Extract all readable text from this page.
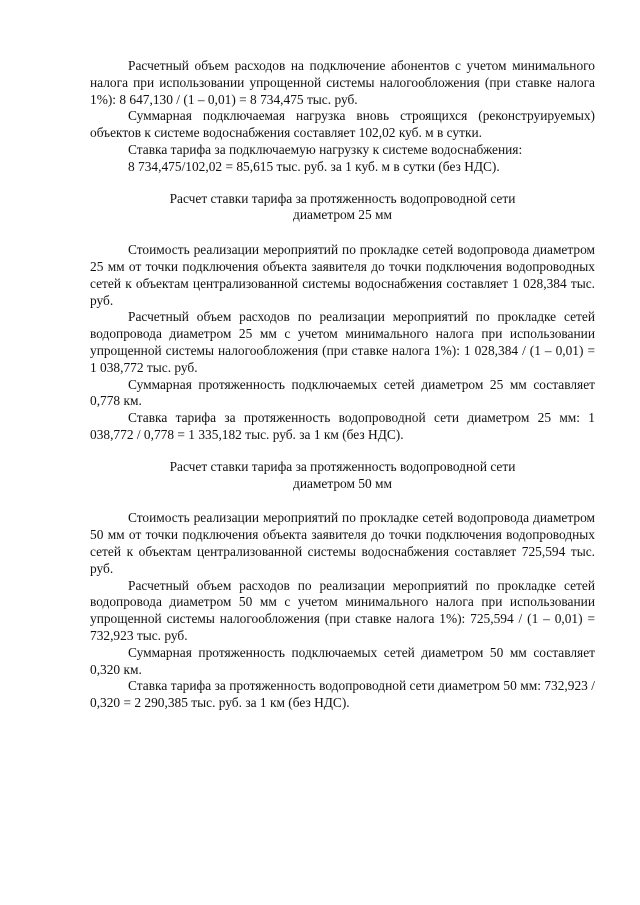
Расчетный объем расходов на подключение абонентов с учетом минимального налога при использовании упрощенной системы налогообложения (при ставке налога 1%): 8 647,130 / (1 – 0,01) = 8 734,475 тыс. руб.

Суммарная подключаемая нагрузка вновь строящихся (реконструируемых) объектов к системе водоснабжения составляет 102,02 куб. м в сутки.

Ставка тарифа за подключаемую нагрузку к системе водоснабжения:

8 734,475/102,02 = 85,615 тыс. руб. за 1 куб. м в сутки (без НДС).

Расчет ставки тарифа за протяженность водопроводной сети

диаметром 25 мм

Стоимость реализации мероприятий по прокладке сетей водопровода диаметром 25 мм от точки подключения объекта заявителя до точки подключения водопроводных сетей к объектам централизованной системы водоснабжения составляет 1 028,384 тыс. руб.

Расчетный объем расходов по реализации мероприятий по прокладке сетей водопровода диаметром 25 мм с учетом минимального налога при использовании упрощенной системы налогообложения (при ставке налога 1%): 1 028,384 / (1 – 0,01) = 1 038,772 тыс. руб.

Суммарная протяженность подключаемых сетей диаметром 25 мм составляет 0,778 км.

Ставка тарифа за протяженность водопроводной сети диаметром 25 мм: 1 038,772 / 0,778 = 1 335,182 тыс. руб. за 1 км (без НДС).

Расчет ставки тарифа за протяженность водопроводной сети

диаметром 50 мм

Стоимость реализации мероприятий по прокладке сетей водопровода диаметром 50 мм от точки подключения объекта заявителя до точки подключения водопроводных сетей к объектам централизованной системы водоснабжения составляет 725,594 тыс. руб.

Расчетный объем расходов по реализации мероприятий по прокладке сетей водопровода диаметром 50 мм с учетом минимального налога при использовании упрощенной системы налогообложения (при ставке налога 1%): 725,594 / (1 – 0,01) = 732,923 тыс. руб.

Суммарная протяженность подключаемых сетей диаметром 50 мм составляет 0,320 км.

Ставка тарифа за протяженность водопроводной сети диаметром 50 мм: 732,923 / 0,320 = 2 290,385 тыс. руб. за 1 км (без НДС).
